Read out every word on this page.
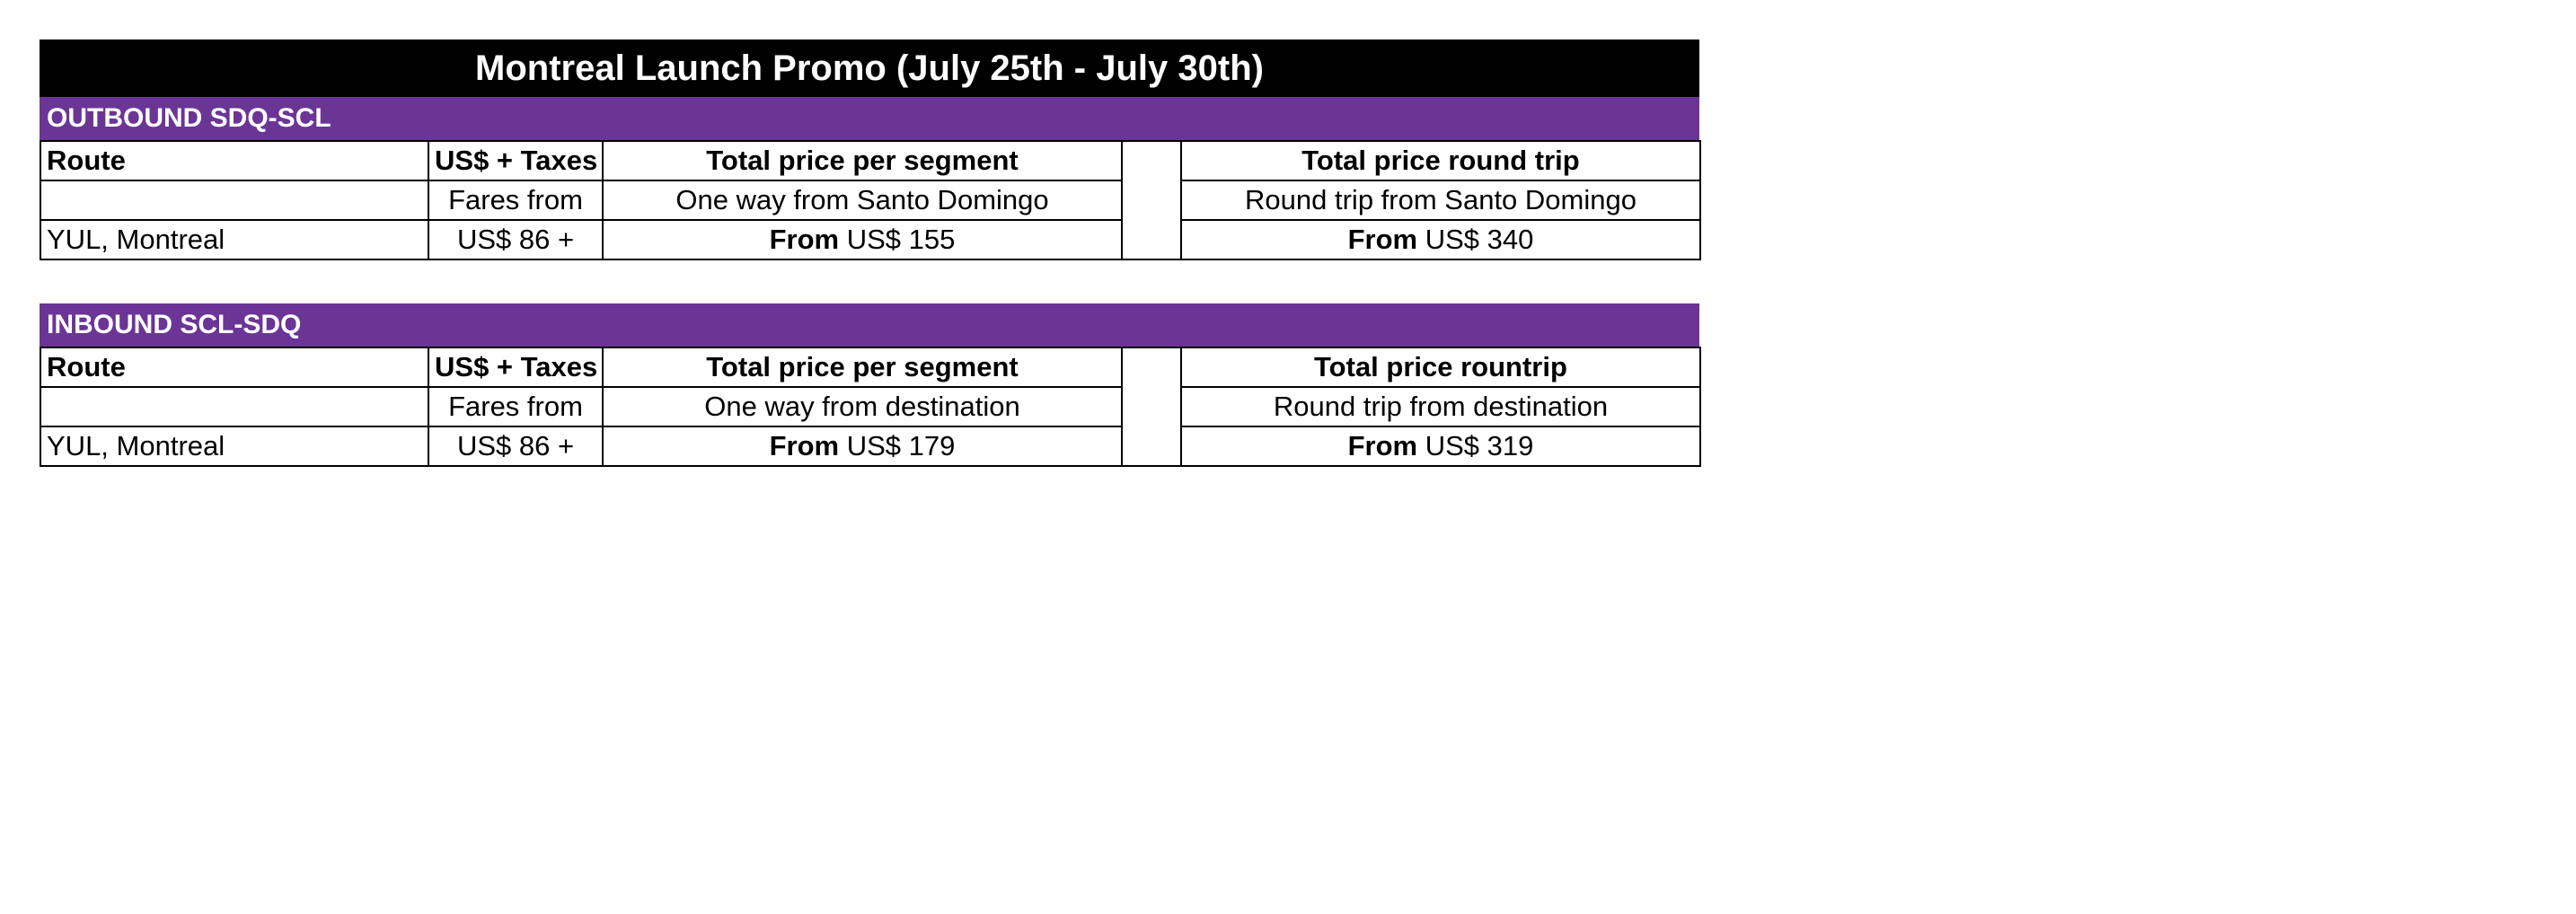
Montreal Launch Promo (July 25th - July 30th)
OUTBOUND SDQ-SCL
Route	US$ + Taxes	Total price per segment		Total price round trip
	Fares from	One way from Santo Domingo		Round trip from Santo Domingo
YUL, Montreal	US$ 86 +	From US$ 155		From US$ 340
INBOUND SCL-SDQ
Route	US$ + Taxes	Total price per segment		Total price rountrip
	Fares from	One way from destination		Round trip from destination
YUL, Montreal	US$ 86 +	From US$ 179		From US$ 319
